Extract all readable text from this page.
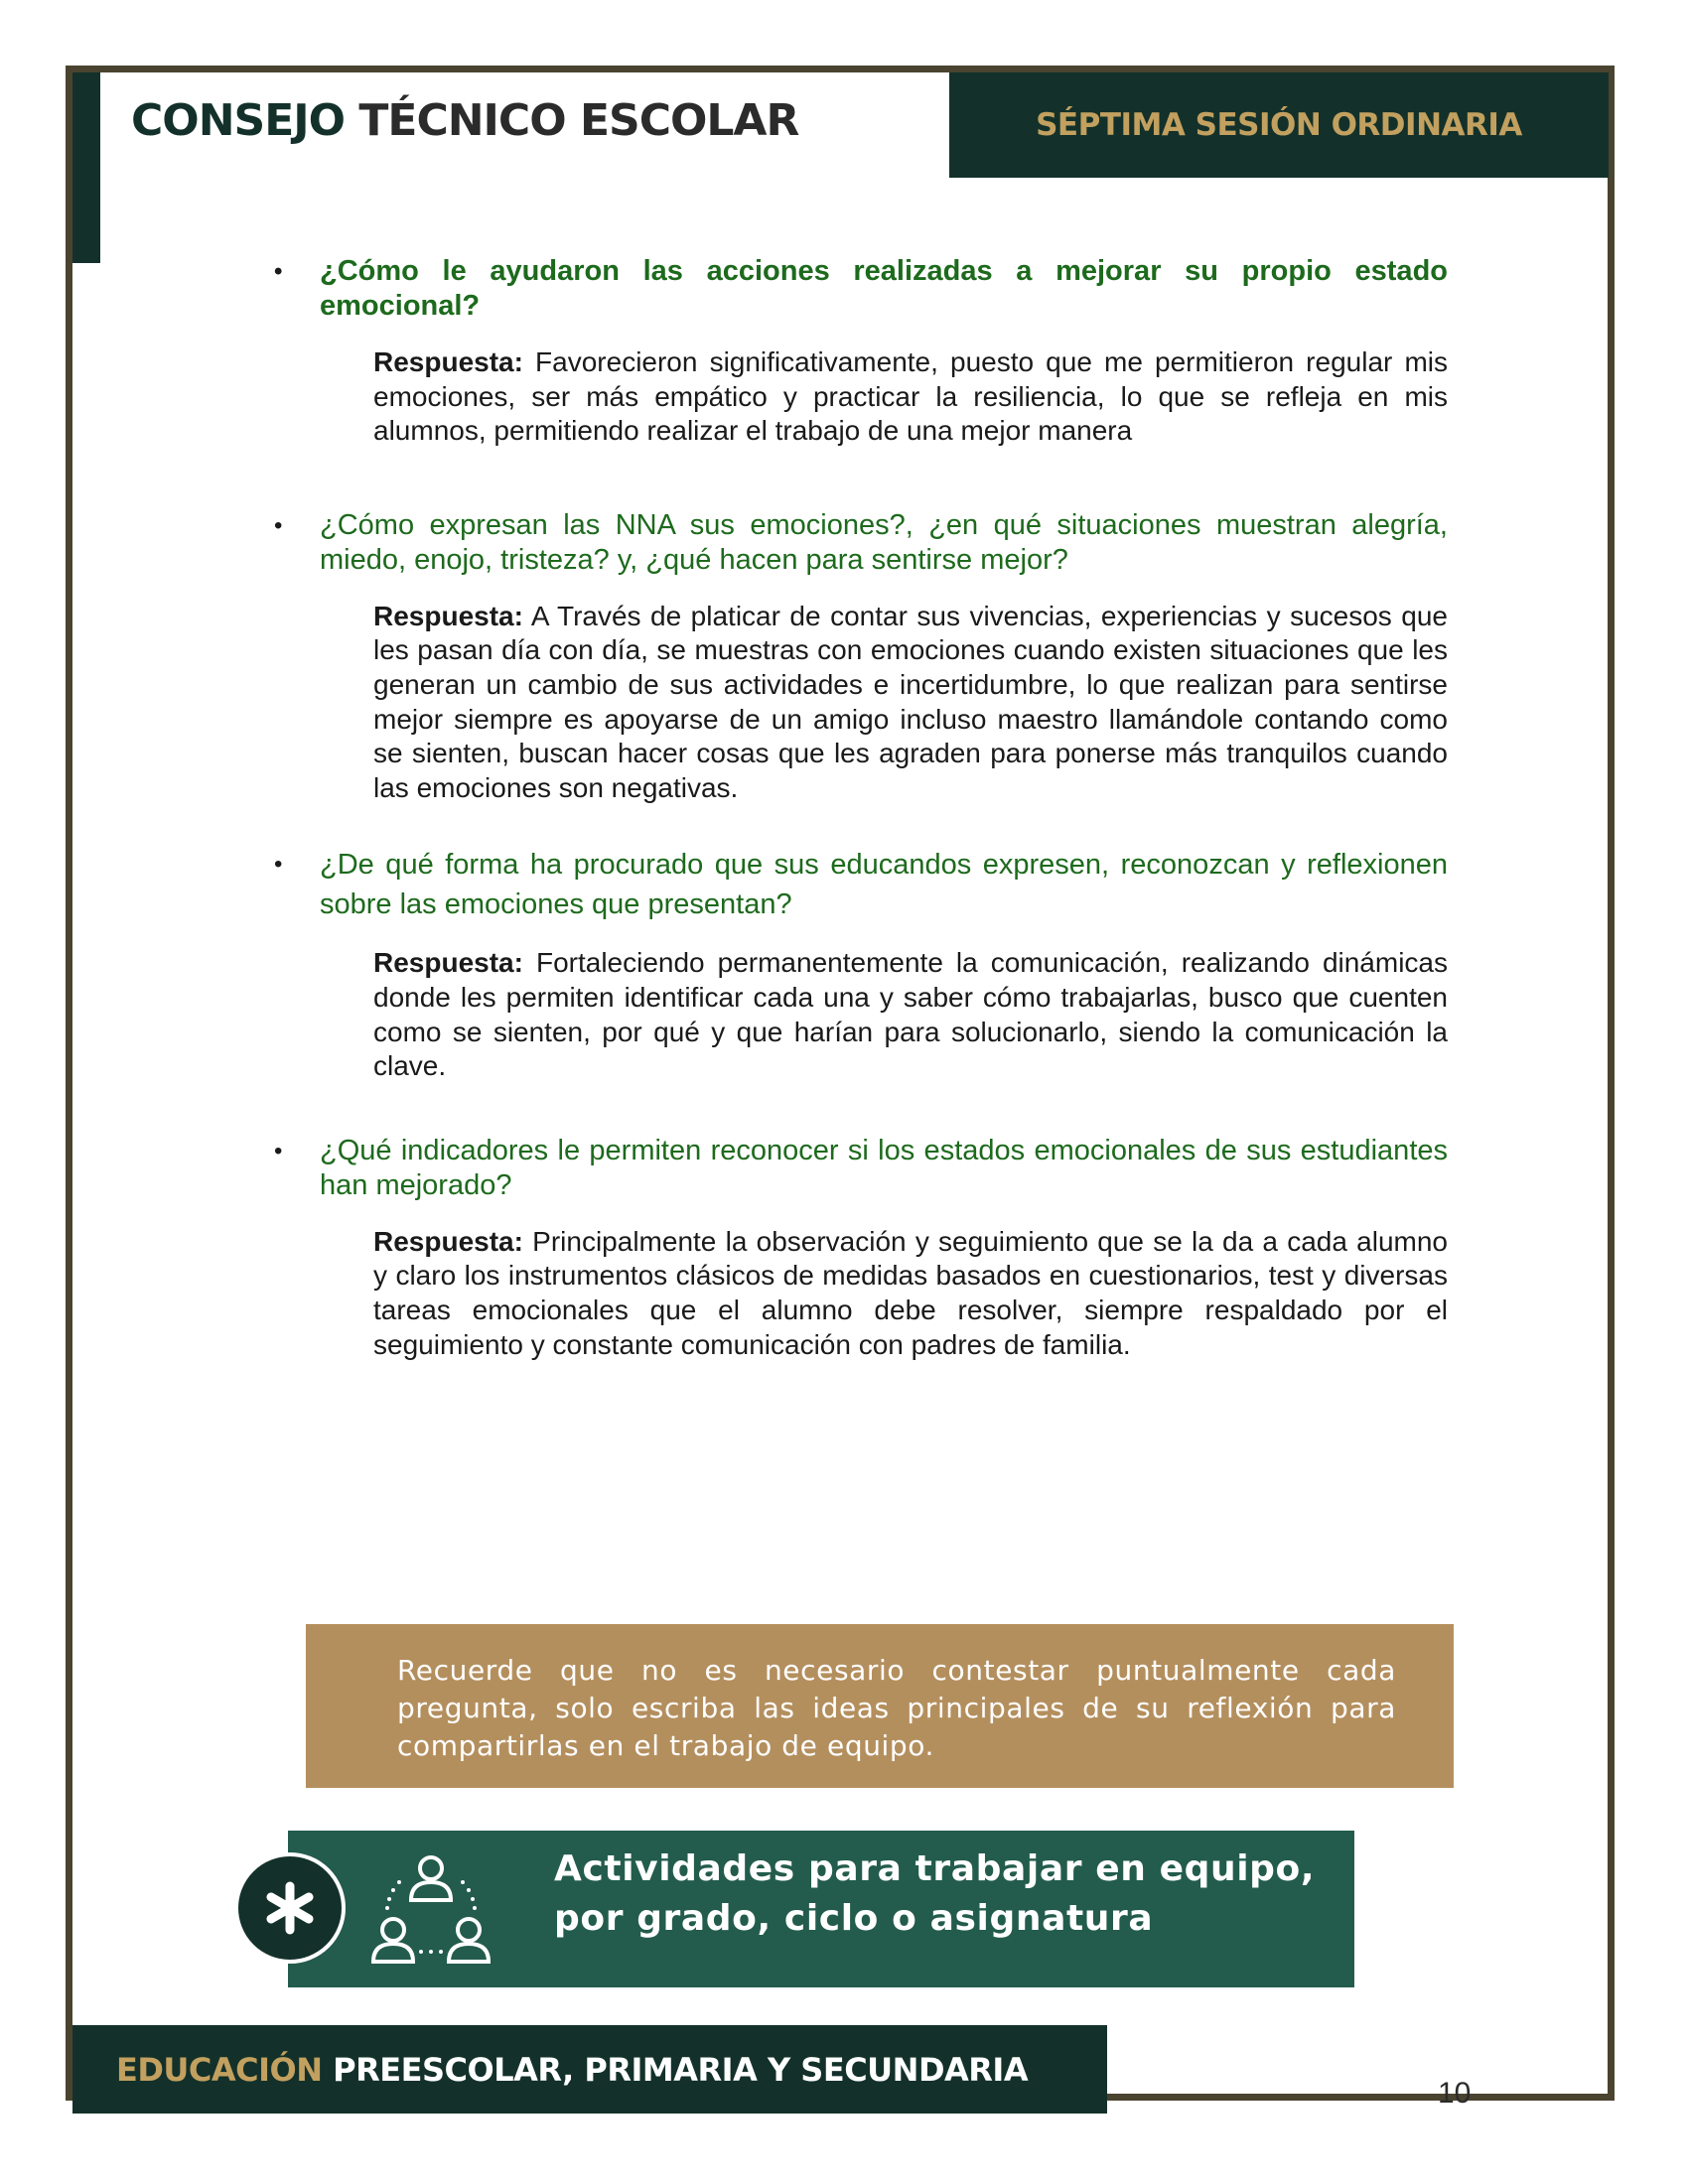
CONSEJO TÉCNICO ESCOLAR	SÉPTIMA SESIÓN ORDINARIA

• ¿Cómo le ayudaron las acciones realizadas a mejorar su propio estado emocional?

Respuesta: Favorecieron significativamente, puesto que me permitieron regular mis emociones, ser más empático y practicar la resiliencia, lo que se refleja en mis alumnos, permitiendo realizar el trabajo de una mejor manera

• ¿Cómo expresan las NNA sus emociones?, ¿en qué situaciones muestran alegría, miedo, enojo, tristeza? y, ¿qué hacen para sentirse mejor?

Respuesta: A Través de platicar de contar sus vivencias, experiencias y sucesos que les pasan día con día, se muestras con emociones cuando existen situaciones que les generan un cambio de sus actividades e incertidumbre, lo que realizan para sentirse mejor siempre es apoyarse de un amigo incluso maestro llamándole contando como se sienten, buscan hacer cosas que les agraden para ponerse más tranquilos cuando las emociones son negativas.

• ¿De qué forma ha procurado que sus educandos expresen, reconozcan y reflexionen sobre las emociones que presentan?

Respuesta: Fortaleciendo permanentemente la comunicación, realizando dinámicas donde les permiten identificar cada una y saber cómo trabajarlas, busco que cuenten como se sienten, por qué y que harían para solucionarlo, siendo la comunicación la clave.

• ¿Qué indicadores le permiten reconocer si los estados emocionales de sus estudiantes han mejorado?

Respuesta: Principalmente la observación y seguimiento que se la da a cada alumno y claro los instrumentos clásicos de medidas basados en cuestionarios, test y diversas tareas emocionales que el alumno debe resolver, siempre respaldado por el seguimiento y constante comunicación con padres de familia.

Recuerde que no es necesario contestar puntualmente cada pregunta, solo escriba las ideas principales de su reflexión para compartirlas en el trabajo de equipo.

Actividades para trabajar en equipo,
por grado, ciclo o asignatura
EDUCACIÓN PREESCOLAR, PRIMARIA Y SECUNDARIA
10
